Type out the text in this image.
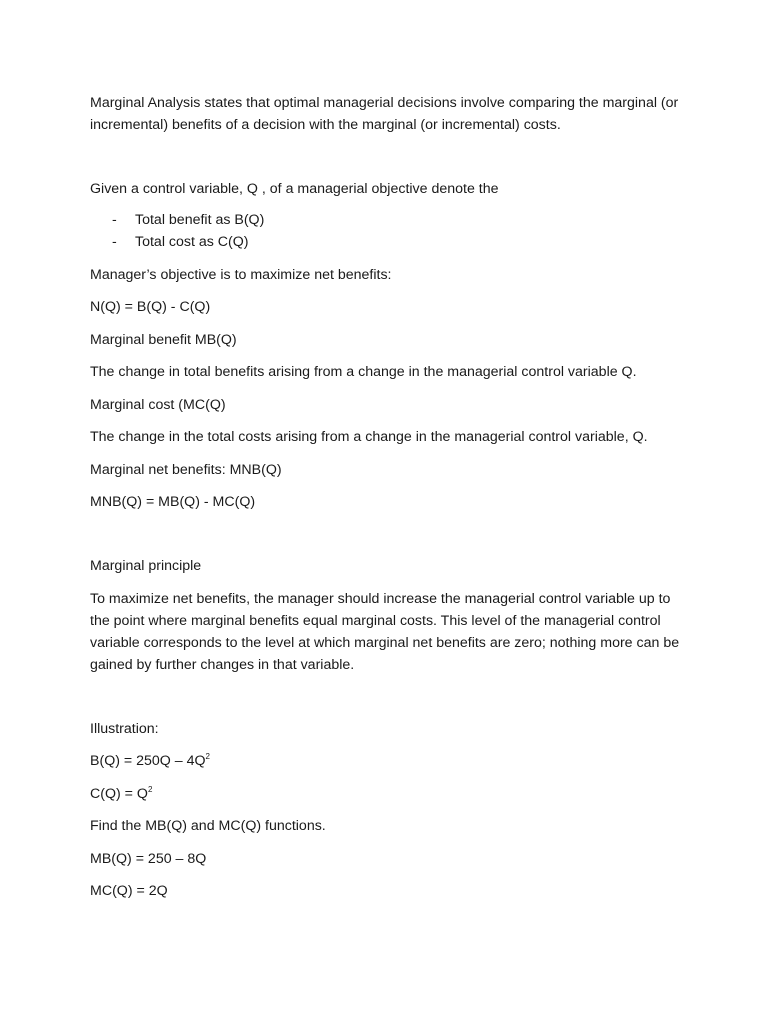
Marginal Analysis states that optimal managerial decisions involve comparing the marginal (or incremental) benefits of a decision with the marginal (or incremental) costs.

Given a control variable, Q , of a managerial objective denote the

- Total benefit as B(Q)
- Total cost as C(Q)

Manager’s objective is to maximize net benefits:

N(Q) = B(Q) - C(Q)

Marginal benefit MB(Q)

The change in total benefits arising from a change in the managerial control variable Q.

Marginal cost (MC(Q)

The change in the total costs arising from a change in the managerial control variable, Q.

Marginal net benefits: MNB(Q)

MNB(Q) = MB(Q) - MC(Q)

Marginal principle

To maximize net benefits, the manager should increase the managerial control variable up to the point where marginal benefits equal marginal costs. This level of the managerial control variable corresponds to the level at which marginal net benefits are zero; nothing more can be gained by further changes in that variable.

Illustration:

$B(Q) = 250Q - 4Q^2$

$C(Q) = Q^2$

Find the MB(Q) and MC(Q) functions.

MB(Q) = 250 – 8Q

MC(Q) = 2Q
